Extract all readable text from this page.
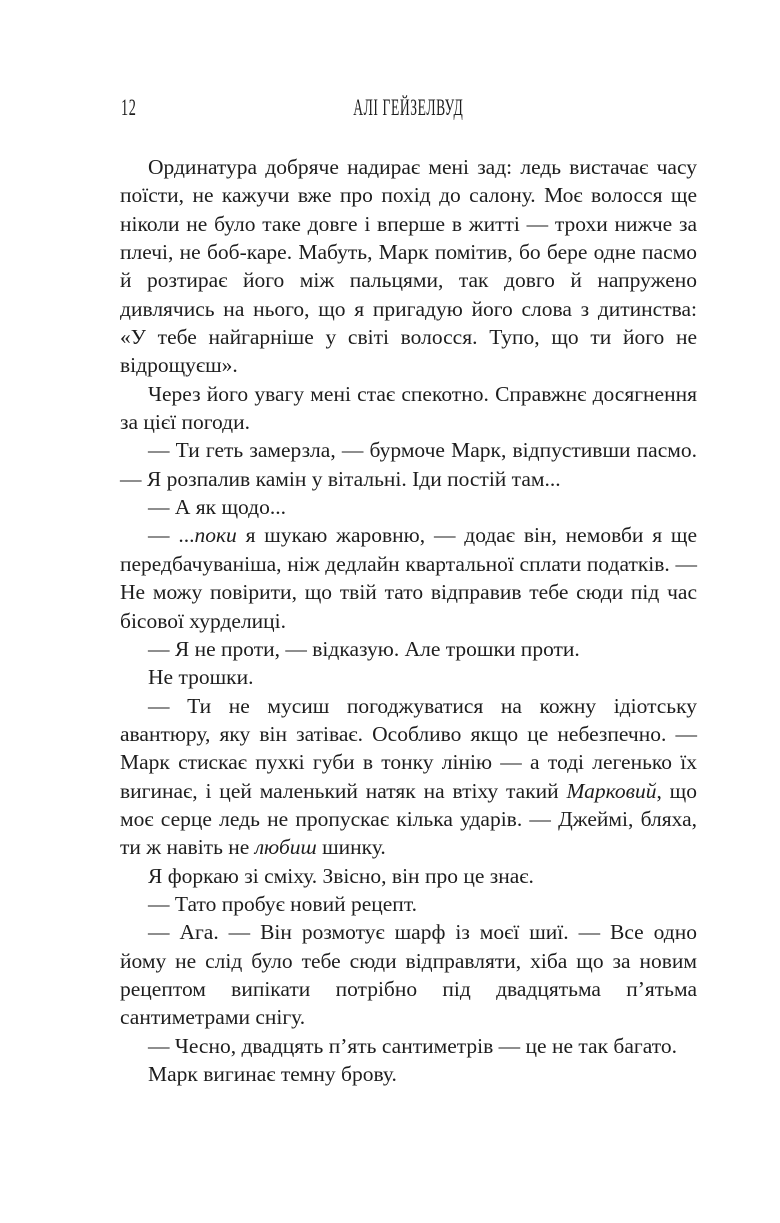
12	АЛІ ГЕЙЗЕЛВУД

Ординатура добряче надирає мені зад: ледь вистачає часу поїсти, не кажучи вже про похід до салону. Моє волосся ще ніколи не було таке довге і вперше в житті — трохи нижче за плечі, не боб-каре. Мабуть, Марк помітив, бо бере одне пасмо й розтирає його між пальцями, так довго й напружено дивлячись на нього, що я пригадую його слова з дитинства: «У тебе найгарніше у світі волосся. Тупо, що ти його не відрощуєш».

Через його увагу мені стає спекотно. Справжнє досягнення за цієї погоди.

— Ти геть замерзла, — бурмоче Марк, відпустивши пасмо. — Я розпалив камін у вітальні. Іди постій там...

— А як щодо...

— ...поки я шукаю жаровню, — додає він, немовби я ще передбачуваніша, ніж дедлайн квартальної сплати податків. — Не можу повірити, що твій тато відправив тебе сюди під час бісової хурделиці.

— Я не проти, — відказую. Але трошки проти.

Не трошки.

— Ти не мусиш погоджуватися на кожну ідіотську авантюру, яку він затіває. Особливо якщо це небезпечно. — Марк стискає пухкі губи в тонку лінію — а тоді легенько їх вигинає, і цей маленький натяк на втіху такий Марковий, що моє серце ледь не пропускає кілька ударів. — Джеймі, бляха, ти ж навіть не любиш шинку.

Я форкаю зі сміху. Звісно, він про це знає.

— Тато пробує новий рецепт.

— Ага. — Він розмотує шарф із моєї шиї. — Все одно йому не слід було тебе сюди відправляти, хіба що за новим рецептом випікати потрібно під двадцятьма п’ятьма сантиметрами снігу.

— Чесно, двадцять п’ять сантиметрів — це не так багато.

Марк вигинає темну брову.
